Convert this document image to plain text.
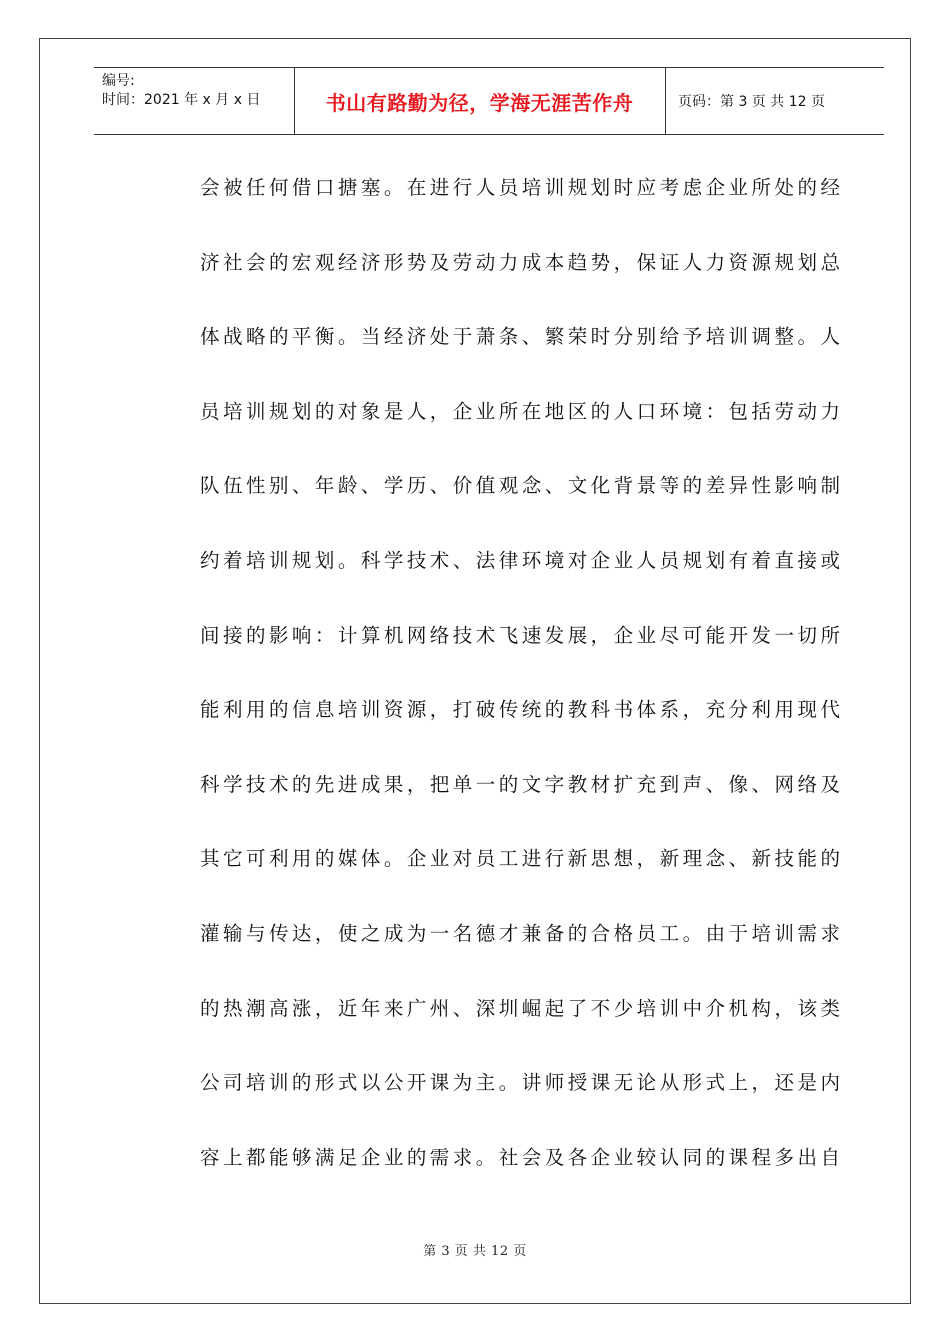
编号:
时间：2021 年 x 月 x 日	书山有路勤为径，学海无涯苦作舟	页码：第 3 页 共 12 页
会被任何借口搪塞。在进行人员培训规划时应考虑企业所处的经
济社会的宏观经济形势及劳动力成本趋势，保证人力资源规划总
体战略的平衡。当经济处于萧条、繁荣时分别给予培训调整。人
员培训规划的对象是人，企业所在地区的人口环境：包括劳动力
队伍性别、年龄、学历、价值观念、文化背景等的差异性影响制
约着培训规划。科学技术、法律环境对企业人员规划有着直接或
间接的影响：计算机网络技术飞速发展，企业尽可能开发一切所
能利用的信息培训资源，打破传统的教科书体系，充分利用现代
科学技术的先进成果，把单一的文字教材扩充到声、像、网络及
其它可利用的媒体。企业对员工进行新思想，新理念、新技能的
灌输与传达，使之成为一名德才兼备的合格员工。由于培训需求
的热潮高涨，近年来广州、深圳崛起了不少培训中介机构，该类
公司培训的形式以公开课为主。讲师授课无论从形式上，还是内
容上都能够满足企业的需求。社会及各企业较认同的课程多出自
第 3 页 共 12 页
